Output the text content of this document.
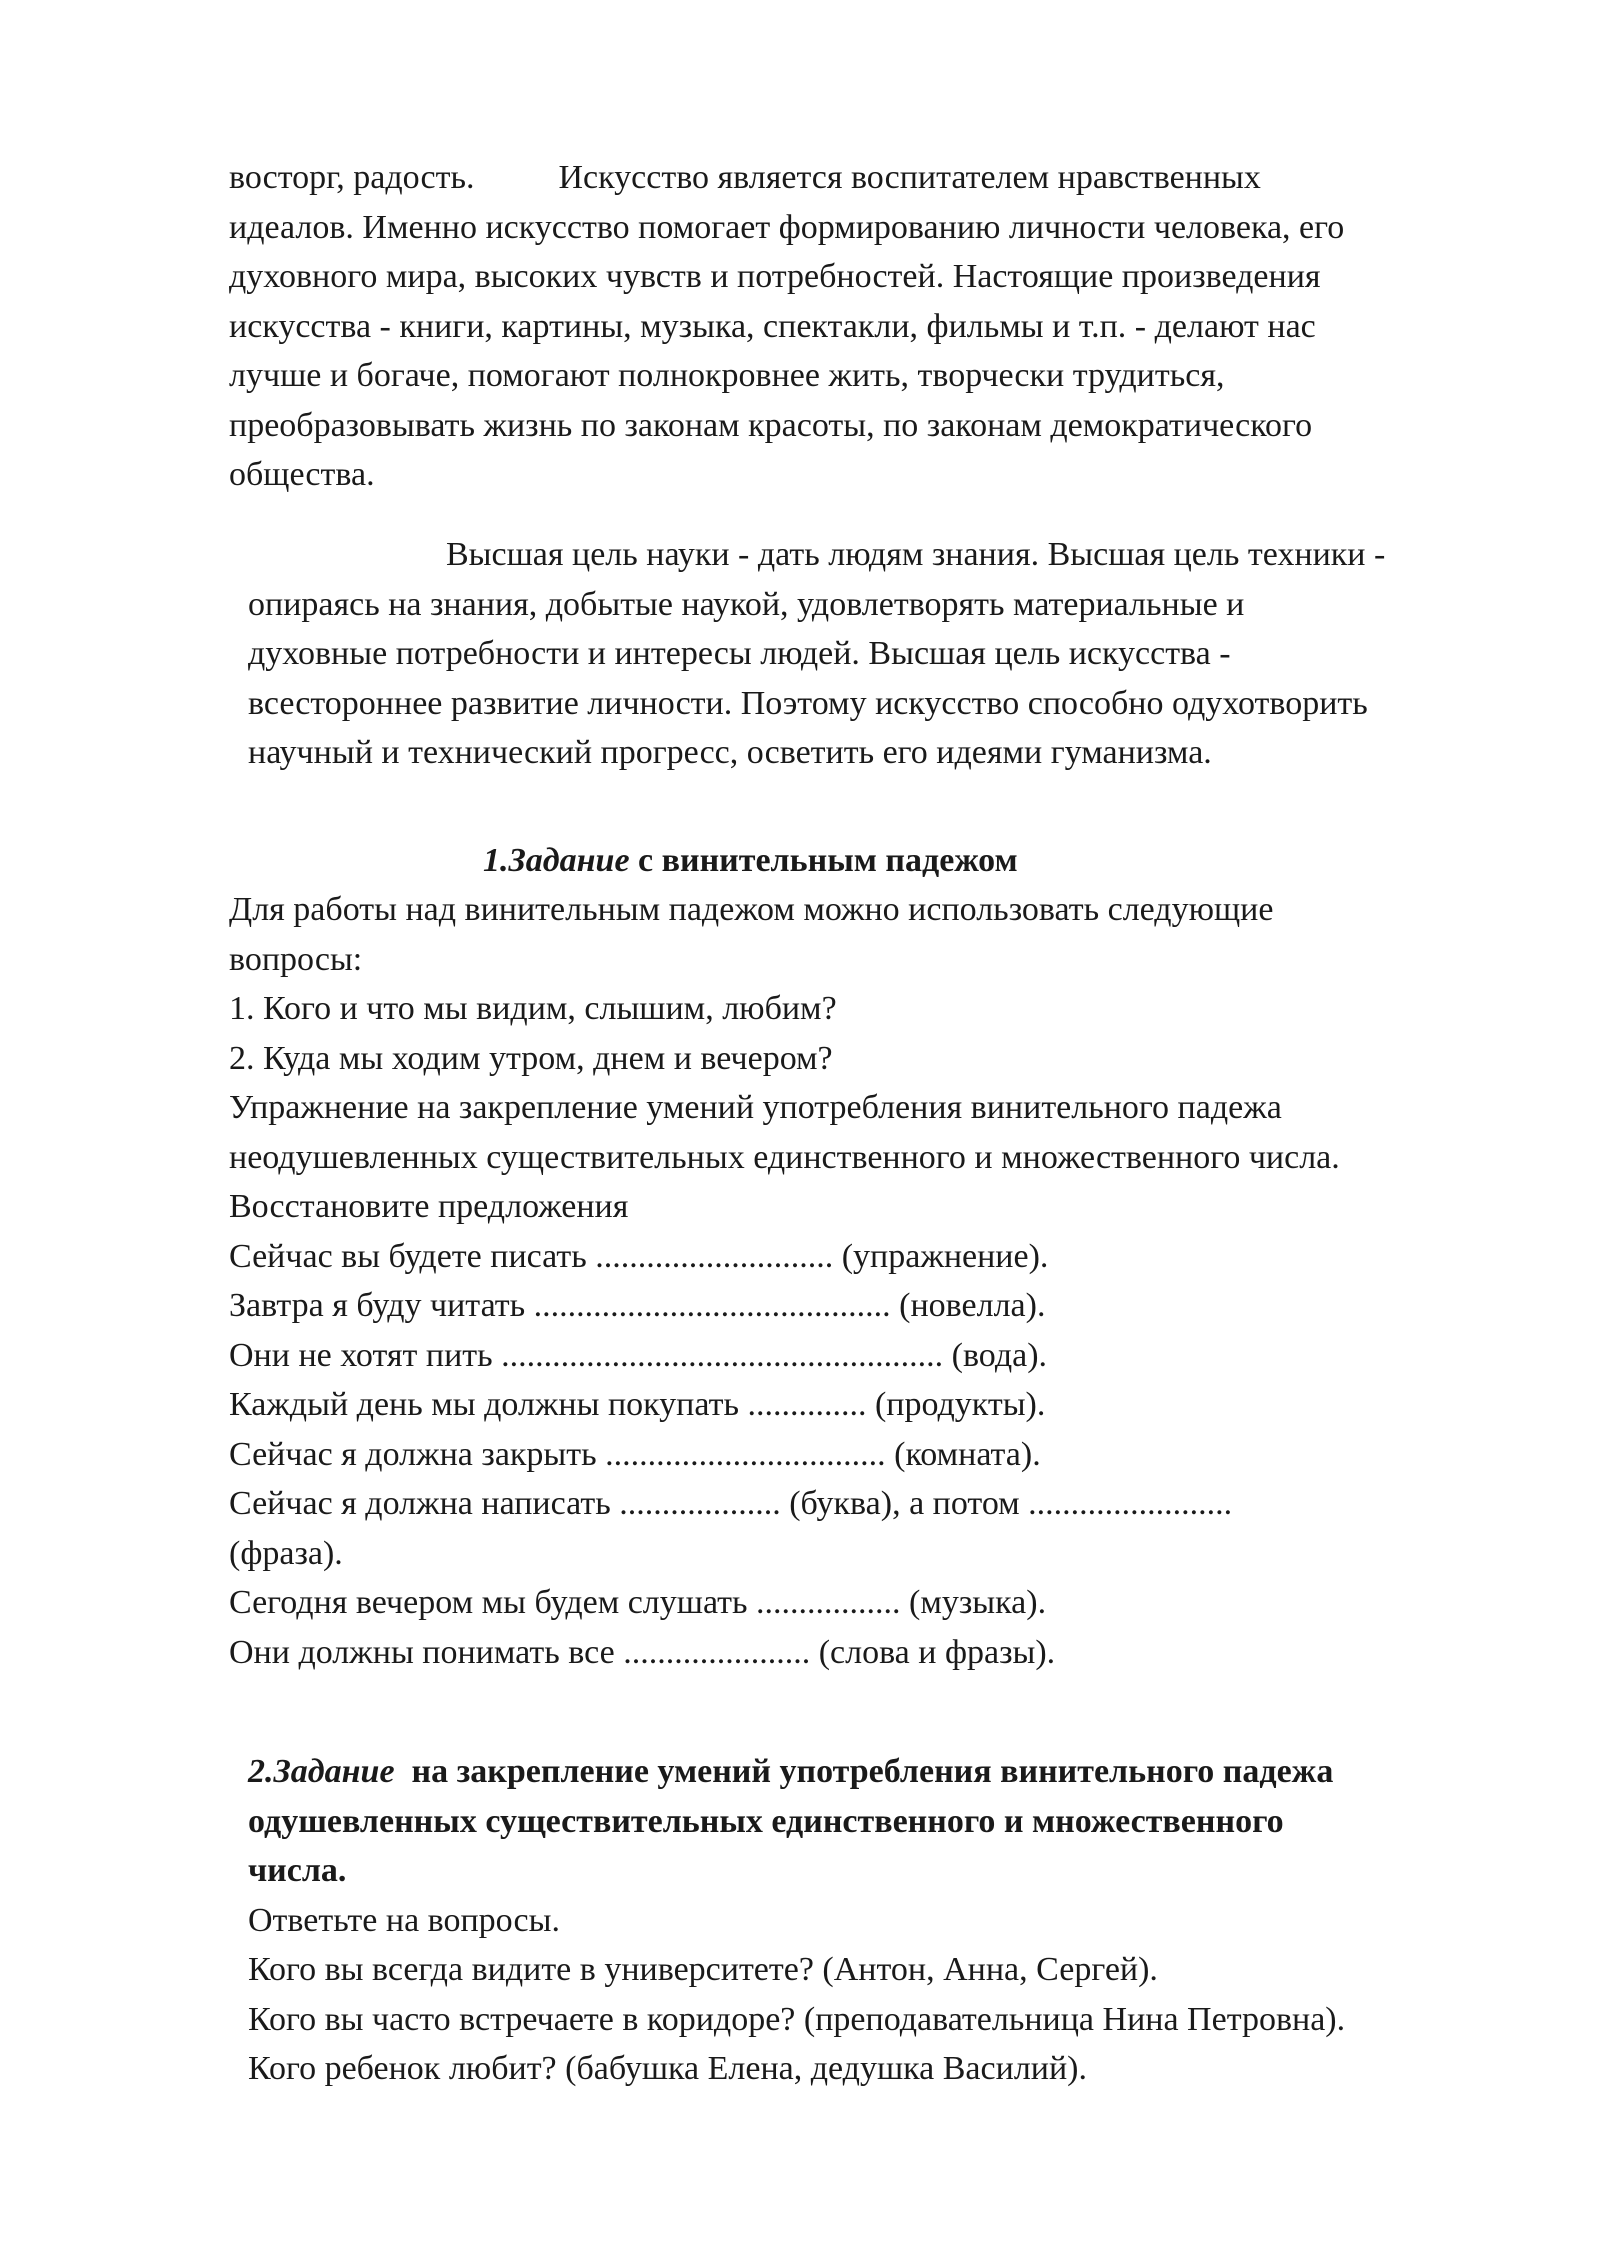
восторг, радость. Искусство является воспитателем нравственных
идеалов. Именно искусство помогает формированию личности человека, его
духовного мира, высоких чувств и потребностей. Настоящие произведения
искусства - книги, картины, музыка, спектакли, фильмы и т.п. - делают нас
лучше и богаче, помогают полнокровнее жить, творчески трудиться,
преобразовывать жизнь по законам красоты, по законам демократического
общества.
Высшая цель науки - дать людям знания. Высшая цель техники -
опираясь на знания, добытые наукой, удовлетворять материальные и
духовные потребности и интересы людей. Высшая цель искусства -
всестороннее развитие личности. Поэтому искусство способно одухотворить
научный и технический прогресс, осветить его идеями гуманизма.
1.Задание с винительным падежом
Для работы над винительным падежом можно использовать следующие
вопросы:
1. Кого и что мы видим, слышим, любим?
2. Куда мы ходим утром, днем и вечером?
Упражнение на закрепление умений употребления винительного падежа
неодушевленных существительных единственного и множественного числа.
Восстановите предложения
Сейчас вы будете писать ............................ (упражнение).
Завтра я буду читать .......................................... (новелла).
Они не хотят пить .................................................... (вода).
Каждый день мы должны покупать .............. (продукты).
Сейчас я должна закрыть ................................. (комната).
Сейчас я должна написать ................... (буква), а потом ........................
(фраза).
Сегодня вечером мы будем слушать ................. (музыка).
Они должны понимать все ...................... (слова и фразы).
2.Задание  на закрепление умений употребления винительного падежа
одушевленных существительных единственного и множественного
числа.
Ответьте на вопросы.
Кого вы всегда видите в университете? (Антон, Анна, Сергей).
Кого вы часто встречаете в коридоре? (преподавательница Нина Петровна).
Кого ребенок любит? (бабушка Елена, дедушка Василий).
